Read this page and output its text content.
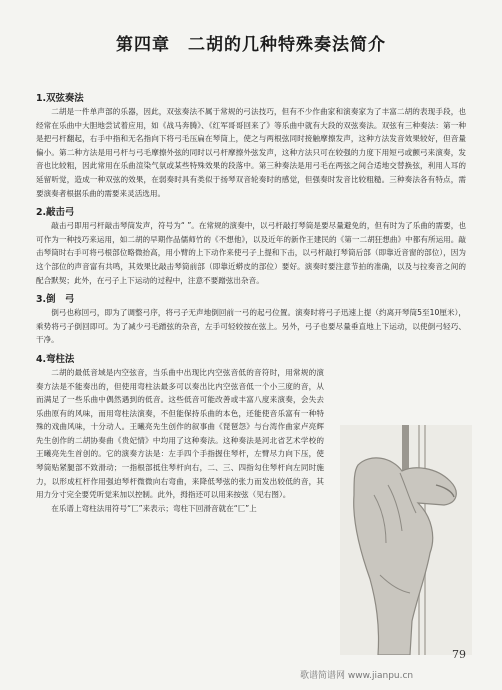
第四章　二胡的几种特殊奏法简介

1.双弦奏法

二胡是一件单声部的乐器，因此，双弦奏法不属于常规的弓法技巧，但有不少作曲家和演奏家为了丰富二胡的表现手段，也经常在乐曲中大胆地尝试着应用，如《战马奔腾》、《红军哥哥回来了》等乐曲中就有大段的双弦奏法。双弦有三种奏法：第一种是把弓杆翻起，右手中指和无名指向下将弓毛压扁在琴筒上，使之与两根弦同时接触摩擦发声，这种方法发音效果较好，但音量偏小。第二种方法是用弓杆与弓毛摩擦外弦的同时以弓杆摩擦外弦发声，这种方法只可在较强的力度下用短弓或颤弓来演奏，发音也比较粗，因此常用在乐曲渲染气氛或某些特殊效果的段落中。第三种奏法是用弓毛在两弦之间合适地交替换弦，利用人耳的延留听觉，造成一种双弦的效果，在弱奏时具有类似于扬琴双音轮奏时的感觉，但强奏时发音比较粗糙。三种奏法各有特点，需要演奏者根据乐曲的需要来灵活选用。

2.敲击弓

敲击弓即用弓杆敲击琴筒发声，符号为“ ”。在常规的演奏中，以弓杆敲打琴筒是要尽量避免的，但有时为了乐曲的需要，也可作为一种技巧来运用，如二胡的早期作品儒师竹的《不想他》，以及近年的新作王建民的《第一二胡狂想曲》中都有所运用。敲击琴筒时右手可将弓根部位略微抬高，用小臂的上下动作来使弓子上提和下击，以弓杆敲打琴筒后部（即靠近音窗的部位），因为这个部位的声音富有共鸣，其效果比敲击琴筒前部（即靠近蟒皮的部位）要好。演奏时要注意节拍的准确，以及与拉奏音之间的配合默契；此外，在弓子上下运动的过程中，注意不要蹭弦出杂音。

3.倒　弓

倒弓也称回弓，即为了调整弓序，将弓子无声地倒回前一弓的起弓位置。演奏时将弓子迅速上提（约离开琴筒5至10厘米），乘势将弓子倒回即可。为了减少弓毛蹭弦的杂音，左手可轻较按在弦上。另外，弓子也要尽量垂直地上下运动，以使倒弓轻巧、干净。

4.弯柱法

二胡的最低音域是内空弦音，当乐曲中出现比内空弦音低的音符时，用常规的演奏方法是不能奏出的，但使用弯柱法最多可以奏出比内空弦音低一个小三度的音，从而满足了一些乐曲中偶然遇到的低音。这些低音可能改善或丰富八度来演奏，会失去乐曲原有的风味，而用弯柱法演奏，不但能保持乐曲的本色，还能使音乐富有一种特殊的戏曲风味，十分动人。王曦亮先生创作的叙事曲《琵琶怨》与台湾作曲家卢亮辉先生创作的二胡协奏曲《贵妃情》中均用了这种奏法。这种奏法是河北省艺术学校的王曦亮先生首创的。它的演奏方法是：左手四个手指握住琴杆，左臂尽力向下压，使琴筒贴紧腿部不致滑动；一指根部抵住琴杆向右，二、三、四指勾住琴杆向左同时施力，以形成杠杆作用强迫琴杆微微向右弯曲，来降低琴弦的张力而发出较低的音，其用力分寸完全要凭听觉来加以控制。此外，拇指还可以用来按弦（见右图）。

在乐谱上弯柱法用符号“匸”来表示；弯柱下回滑音就在“匸”上

79
歌谱简谱网 www.jianpu.cn
